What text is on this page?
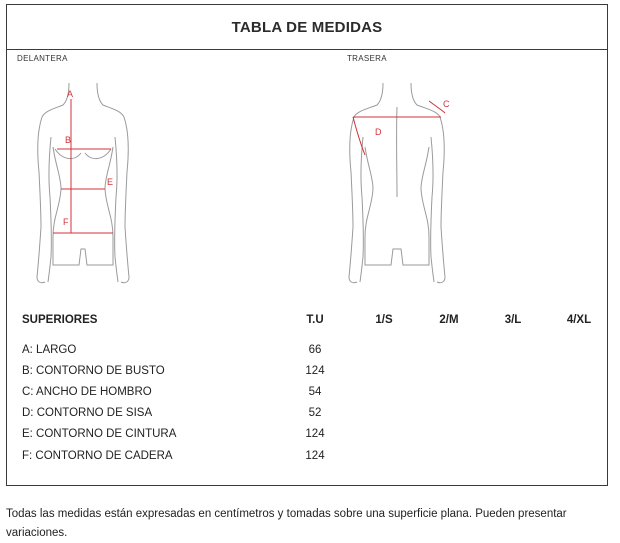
TABLA DE MEDIDAS
DELANTERA	TRASERA
A
B
E
F
C
D
SUPERIORES	T.U	1/S	2/M	3/L	4/XL
A: LARGO	66
B: CONTORNO DE BUSTO	124
C: ANCHO DE HOMBRO	54
D: CONTORNO DE SISA	52
E: CONTORNO DE CINTURA	124
F: CONTORNO DE CADERA	124
Todas las medidas están expresadas en centímetros y tomadas sobre una superficie plana. Pueden presentar variaciones.
